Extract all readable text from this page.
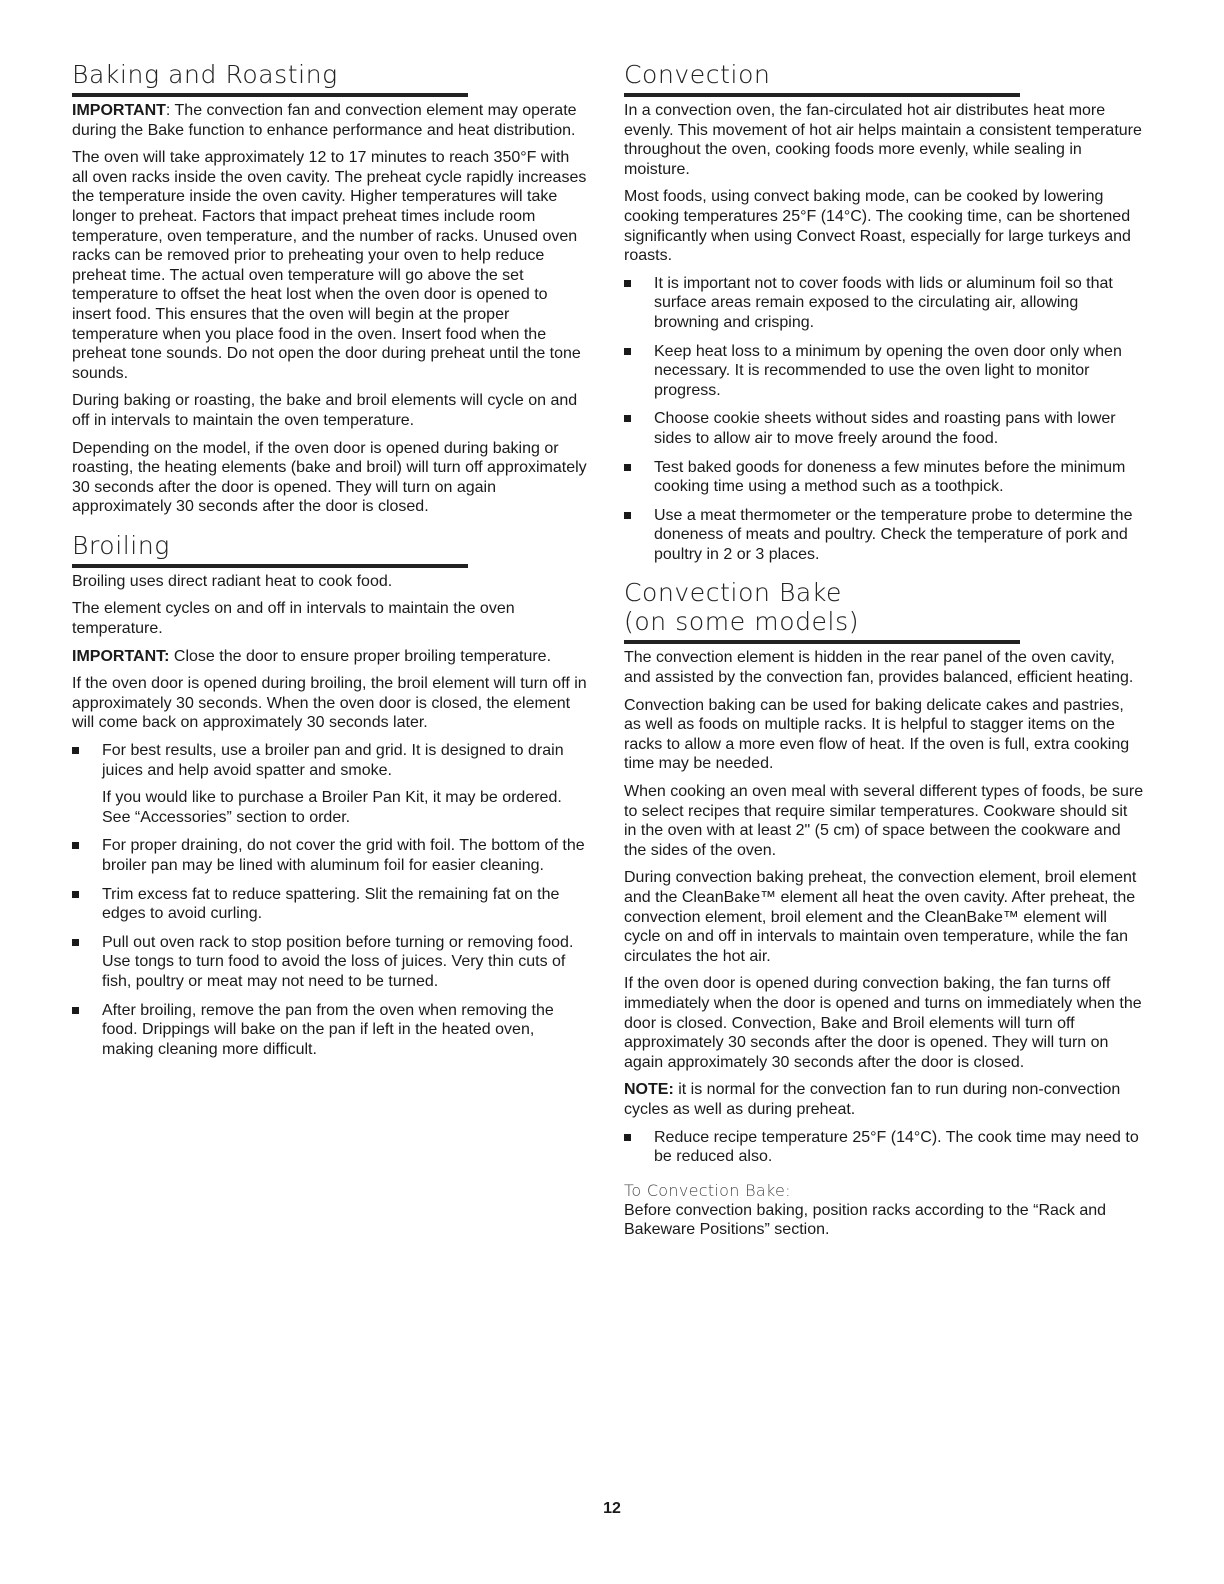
Baking and Roasting

IMPORTANT: The convection fan and convection element may operate during the Bake function to enhance performance and heat distribution.

The oven will take approximately 12 to 17 minutes to reach 350°F with all oven racks inside the oven cavity. The preheat cycle rapidly increases the temperature inside the oven cavity. Higher temperatures will take longer to preheat. Factors that impact preheat times include room temperature, oven temperature, and the number of racks. Unused oven racks can be removed prior to preheating your oven to help reduce preheat time. The actual oven temperature will go above the set temperature to offset the heat lost when the oven door is opened to insert food. This ensures that the oven will begin at the proper temperature when you place food in the oven. Insert food when the preheat tone sounds. Do not open the door during preheat until the tone sounds.

During baking or roasting, the bake and broil elements will cycle on and off in intervals to maintain the oven temperature.

Depending on the model, if the oven door is opened during baking or roasting, the heating elements (bake and broil) will turn off approximately 30 seconds after the door is opened. They will turn on again approximately 30 seconds after the door is closed.

Broiling

Broiling uses direct radiant heat to cook food.

The element cycles on and off in intervals to maintain the oven temperature.

IMPORTANT: Close the door to ensure proper broiling temperature.

If the oven door is opened during broiling, the broil element will turn off in approximately 30 seconds. When the oven door is closed, the element will come back on approximately 30 seconds later.

For best results, use a broiler pan and grid. It is designed to drain juices and help avoid spatter and smoke.
If you would like to purchase a Broiler Pan Kit, it may be ordered. See “Accessories” section to order.
For proper draining, do not cover the grid with foil. The bottom of the broiler pan may be lined with aluminum foil for easier cleaning.
Trim excess fat to reduce spattering. Slit the remaining fat on the edges to avoid curling.
Pull out oven rack to stop position before turning or removing food. Use tongs to turn food to avoid the loss of juices. Very thin cuts of fish, poultry or meat may not need to be turned.
After broiling, remove the pan from the oven when removing the food. Drippings will bake on the pan if left in the heated oven, making cleaning more difficult.
Convection

In a convection oven, the fan-circulated hot air distributes heat more evenly. This movement of hot air helps maintain a consistent temperature throughout the oven, cooking foods more evenly, while sealing in moisture.

Most foods, using convect baking mode, can be cooked by lowering cooking temperatures 25°F (14°C). The cooking time, can be shortened significantly when using Convect Roast, especially for large turkeys and roasts.

It is important not to cover foods with lids or aluminum foil so that surface areas remain exposed to the circulating air, allowing browning and crisping.
Keep heat loss to a minimum by opening the oven door only when necessary. It is recommended to use the oven light to monitor progress.
Choose cookie sheets without sides and roasting pans with lower sides to allow air to move freely around the food.
Test baked goods for doneness a few minutes before the minimum cooking time using a method such as a toothpick.
Use a meat thermometer or the temperature probe to determine the doneness of meats and poultry. Check the temperature of pork and poultry in 2 or 3 places.
Convection Bake
(on some models)

The convection element is hidden in the rear panel of the oven cavity, and assisted by the convection fan, provides balanced, efficient heating.

Convection baking can be used for baking delicate cakes and pastries, as well as foods on multiple racks. It is helpful to stagger items on the racks to allow a more even flow of heat. If the oven is full, extra cooking time may be needed.

When cooking an oven meal with several different types of foods, be sure to select recipes that require similar temperatures. Cookware should sit in the oven with at least 2" (5 cm) of space between the cookware and the sides of the oven.

During convection baking preheat, the convection element, broil element and the CleanBake™ element all heat the oven cavity. After preheat, the convection element, broil element and the CleanBake™ element will cycle on and off in intervals to maintain oven temperature, while the fan circulates the hot air.

If the oven door is opened during convection baking, the fan turns off immediately when the door is opened and turns on immediately when the door is closed. Convection, Bake and Broil elements will turn off approximately 30 seconds after the door is opened. They will turn on again approximately 30 seconds after the door is closed.

NOTE: it is normal for the convection fan to run during non-convection cycles as well as during preheat.

Reduce recipe temperature 25°F (14°C). The cook time may need to be reduced also.
To Convection Bake:

Before convection baking, position racks according to the “Rack and Bakeware Positions” section.

12
